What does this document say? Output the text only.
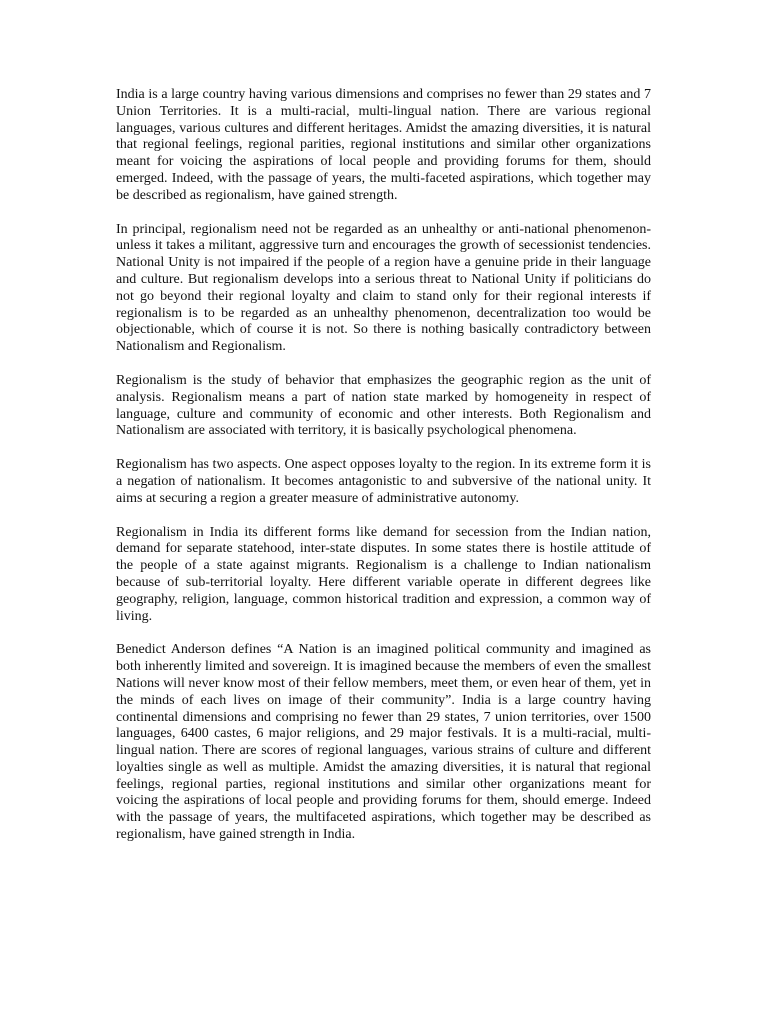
India is a large country having various dimensions and comprises no fewer than 29 states and 7 Union Territories. It is a multi-racial, multi-lingual nation. There are various regional languages, various cultures and different heritages. Amidst the amazing diversities, it is natural that regional feelings, regional parities, regional institutions and similar other organizations meant for voicing the aspirations of local people and providing forums for them, should emerged. Indeed, with the passage of years, the multi-faceted aspirations, which together may be described as regionalism, have gained strength.

In principal, regionalism need not be regarded as an unhealthy or anti-national phenomenon- unless it takes a militant, aggressive turn and encourages the growth of secessionist tendencies. National Unity is not impaired if the people of a region have a genuine pride in their language and culture. But regionalism develops into a serious threat to National Unity if politicians do not go beyond their regional loyalty and claim to stand only for their regional interests if regionalism is to be regarded as an unhealthy phenomenon, decentralization too would be objectionable, which of course it is not. So there is nothing basically contradictory between Nationalism and Regionalism.

Regionalism is the study of behavior that emphasizes the geographic region as the unit of analysis. Regionalism means a part of nation state marked by homogeneity in respect of language, culture and community of economic and other interests. Both Regionalism and Nationalism are associated with territory, it is basically psychological phenomena.

Regionalism has two aspects. One aspect opposes loyalty to the region. In its extreme form it is a negation of nationalism. It becomes antagonistic to and subversive of the national unity. It aims at securing a region a greater measure of administrative autonomy.

Regionalism in India its different forms like demand for secession from the Indian nation, demand for separate statehood, inter-state disputes. In some states there is hostile attitude of the people of a state against migrants. Regionalism is a challenge to Indian nationalism because of sub-territorial loyalty. Here different variable operate in different degrees like geography, religion, language, common historical tradition and expression, a common way of living.

Benedict Anderson defines “A Nation is an imagined political community and imagined as both inherently limited and sovereign. It is imagined because the members of even the smallest Nations will never know most of their fellow members, meet them, or even hear of them, yet in the minds of each lives on image of their community”. India is a large country having continental dimensions and comprising no fewer than 29 states, 7 union territories, over 1500 languages, 6400 castes, 6 major religions, and 29 major festivals. It is a multi-racial, multi-lingual nation. There are scores of regional languages, various strains of culture and different loyalties single as well as multiple. Amidst the amazing diversities, it is natural that regional feelings, regional parties, regional institutions and similar other organizations meant for voicing the aspirations of local people and providing forums for them, should emerge. Indeed with the passage of years, the multifaceted aspirations, which together may be described as regionalism, have gained strength in India.
